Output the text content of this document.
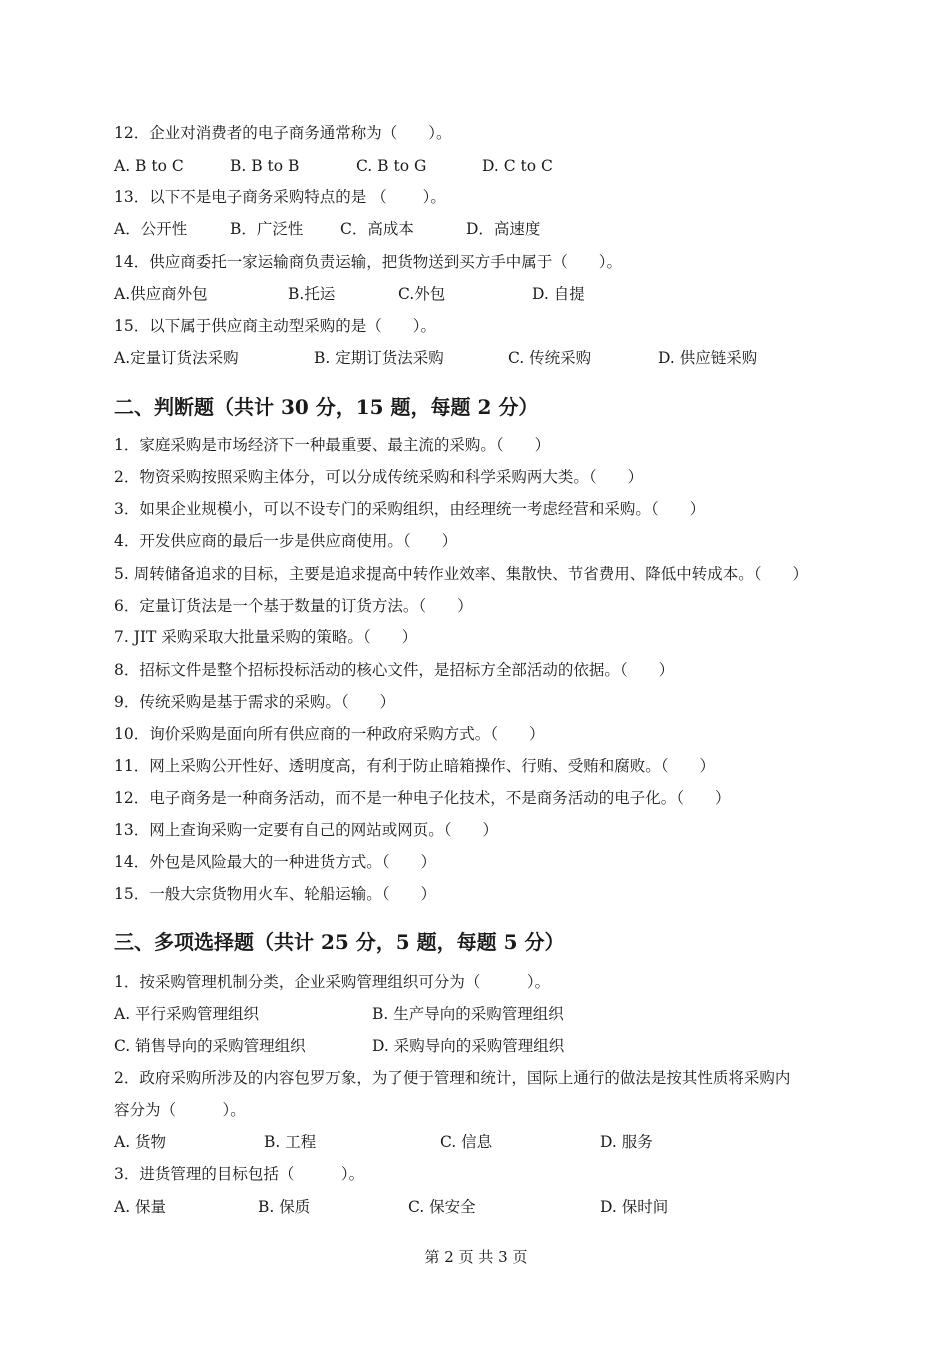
12．企业对消费者的电子商务通常称为（　　）。
A. B to C	B. B to B	C. B to G	D. C to C
13．以下不是电子商务采购特点的是 （　　 ）。
A．公开性	B．广泛性 C．高成本	D．高速度
14．供应商委托一家运输商负责运输，把货物送到买方手中属于（　　）。
A.供应商外包	B.托运	C.外包	D. 自提
15．以下属于供应商主动型采购的是（　　）。
A.定量订货法采购	B. 定期订货法采购	C. 传统采购	D. 供应链采购
二、判断题（共计 30 分，15 题，每题 2 分）
1．家庭采购是市场经济下一种最重要、最主流的采购。（　　）
2．物资采购按照采购主体分，可以分成传统采购和科学采购两大类。（　　）
3．如果企业规模小，可以不设专门的采购组织，由经理统一考虑经营和采购。（　　）
4．开发供应商的最后一步是供应商使用。（　　）
5. 周转储备追求的目标，主要是追求提高中转作业效率、集散快、节省费用、降低中转成本。（　　）
6．定量订货法是一个基于数量的订货方法。（　　）
7. JIT 采购采取大批量采购的策略。（　　）
8．招标文件是整个招标投标活动的核心文件，是招标方全部活动的依据。（　　）
9．传统采购是基于需求的采购。（　　）
10．询价采购是面向所有供应商的一种政府采购方式。（　　）
11．网上采购公开性好、透明度高，有利于防止暗箱操作、行贿、受贿和腐败。（　　）
12．电子商务是一种商务活动，而不是一种电子化技术，不是商务活动的电子化。（　　）
13．网上查询采购一定要有自己的网站或网页。（　　）
14．外包是风险最大的一种进货方式。（　　）
15．一般大宗货物用火车、轮船运输。（　　）
三、多项选择题（共计 25 分，5 题，每题 5 分）
1．按采购管理机制分类，企业采购管理组织可分为（　　　）。
A. 平行采购管理组织	B. 生产导向的采购管理组织
C. 销售导向的采购管理组织	D. 采购导向的采购管理组织
2．政府采购所涉及的内容包罗万象，为了便于管理和统计，国际上通行的做法是按其性质将采购内
容分为（　　　）。
A. 货物	B. 工程	C. 信息	D. 服务
3．进货管理的目标包括（　　　）。
A. 保量	B. 保质	C. 保安全	D. 保时间
第 2 页 共 3 页
